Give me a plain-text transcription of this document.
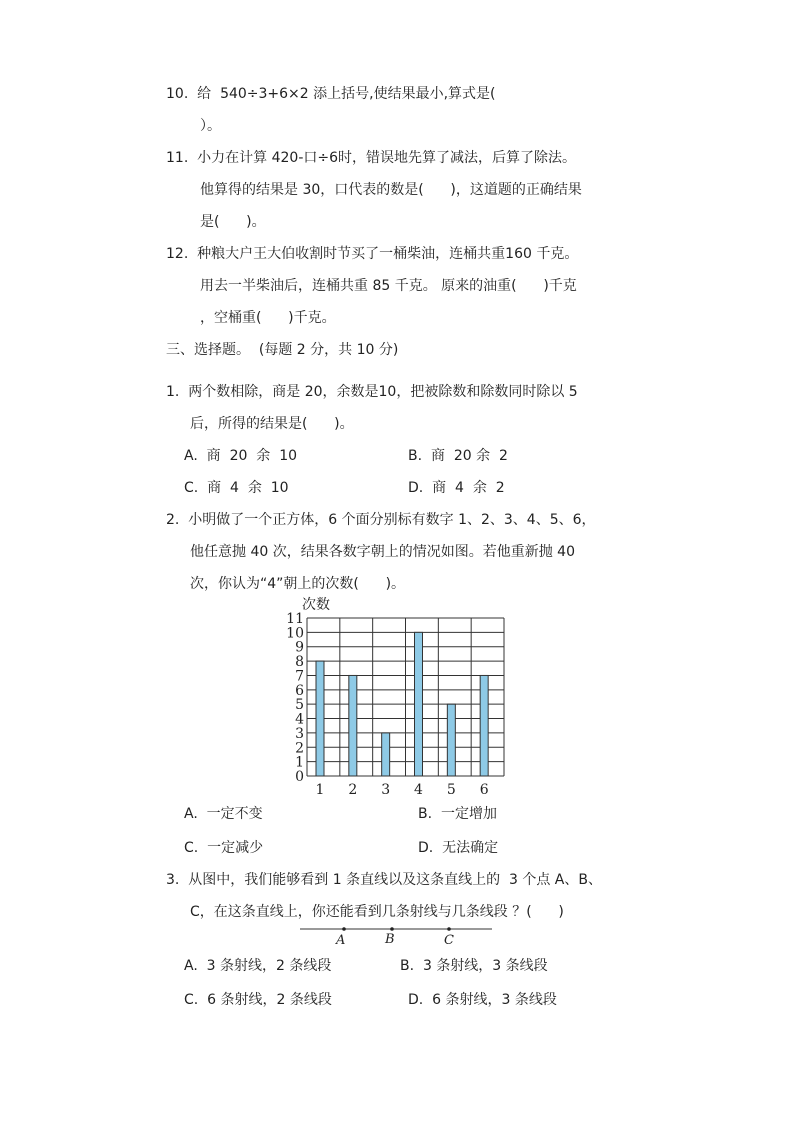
10.  给  540÷3+6×2 添上括号,使结果最小,算式是(
）。
11.  小力在计算 420-口÷6时，错误地先算了减法，后算了除法。
他算得的结果是 30，口代表的数是(      )，这道题的正确结果
是(      )。
12.  种粮大户王大伯收割时节买了一桶柴油，连桶共重160 千克。
用去一半柴油后，连桶共重 85 千克。 原来的油重(      )千克
，空桶重(      )千克。
三、选择题。  (每题 2 分，共 10 分)
1.  两个数相除，商是 20，余数是10，把被除数和除数同时除以 5
后，所得的结果是(      )。
A.  商  20  余  10	B.  商  20 余  2
C.  商  4  余  10	D.  商  4  余  2
2.  小明做了一个正方体，6 个面分别标有数字 1、2、3、4、5、6，
他任意抛 40 次，结果各数字朝上的情况如图。若他重新抛 40
次，你认为“4”朝上的次数(      )。
次数
0
1
2
3
4
5
6
7
8
9
10
11
1 2 3 4 5 6
A.  一定不变	B.  一定增加
C.  一定减少	D.  无法确定
3.  从图中，我们能够看到 1 条直线以及这条直线上的  3 个点 A、B、
C，在这条直线上，你还能看到几条射线与几条线段 ？(      )
A	B	C
A.  3 条射线，2 条线段	B.  3 条射线，3 条线段
C.  6 条射线，2 条线段	D.  6 条射线，3 条线段
